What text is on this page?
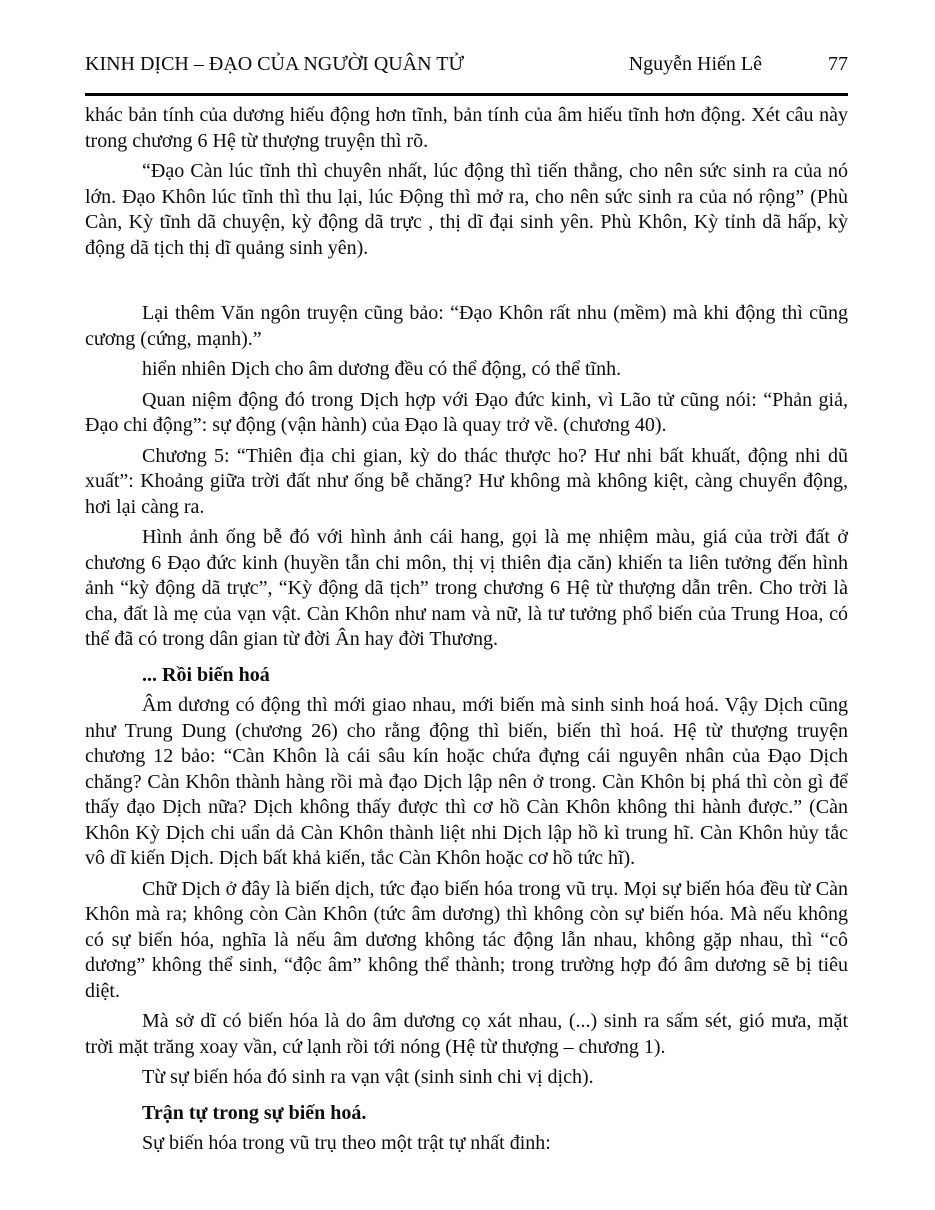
KINH DỊCH – ĐẠO CỦA NGƯỜI QUÂN TỬ	Nguyễn Hiến Lê	77

khác bản tính của dương hiếu động hơn tĩnh, bản tính của âm hiếu tĩnh hơn động. Xét câu này trong chương 6 Hệ từ thượng truyện thì rõ.

“Đạo Càn lúc tĩnh thì chuyên nhất, lúc động thì tiến thẳng, cho nên sức sinh ra của nó lớn. Đạo Khôn lúc tĩnh thì thu lại, lúc Động thì mở ra, cho nên sức sinh ra của nó rộng” (Phù Càn, Kỳ tĩnh dã chuyện, kỳ động dã trực , thị dĩ đại sinh yên. Phù Khôn, Kỳ tỉnh dã hấp, kỳ động dã tịch thị dĩ quảng sinh yên).

Lại thêm Văn ngôn truyện cũng bảo: “Đạo Khôn rất nhu (mềm) mà khi động thì cũng cương (cứng, mạnh).”

hiển nhiên Dịch cho âm dương đều có thể động, có thể tĩnh.

Quan niệm động đó trong Dịch hợp với Đạo đức kinh, vì Lão tử cũng nói: “Phản giả, Đạo chi động”: sự động (vận hành) của Đạo là quay trở về. (chương 40).

Chương 5: “Thiên địa chi gian, kỳ do thác thược ho? Hư nhi bất khuất, động nhi dũ xuất”: Khoảng giữa trời đất như ống bễ chăng? Hư không mà không kiệt, càng chuyển động, hơi lại càng ra.

Hình ảnh ống bễ đó với hình ảnh cái hang, gọi là mẹ nhiệm màu, giá của trời đất ở chương 6 Đạo đức kinh (huyền tẫn chi môn, thị vị thiên địa căn) khiến ta liên tưởng đến hình ảnh “kỳ động dã trực”, “Kỳ động dã tịch” trong chương 6 Hệ từ thượng dẫn trên. Cho trời là cha, đất là mẹ của vạn vật. Càn Khôn như nam và nữ, là tư tưởng phổ biến của Trung Hoa, có thể đã có trong dân gian từ đời Ân hay đời Thương.

... Rồi biến hoá

Âm dương có động thì mới giao nhau, mới biến mà sinh sinh hoá hoá. Vậy Dịch cũng như Trung Dung (chương 26) cho rằng động thì biến, biến thì hoá. Hệ từ thượng truyện chương 12 bảo: “Càn Khôn là cái sâu kín hoặc chứa đựng cái nguyên nhân của Đạo Dịch chăng? Càn Khôn thành hàng rồi mà đạo Dịch lập nên ở trong. Càn Khôn bị phá thì còn gì để thấy đạo Dịch nữa? Dịch không thấy được thì cơ hồ Càn Khôn không thi hành được.” (Càn Khôn Kỳ Dịch chi uẩn dả Càn Khôn thành liệt nhi Dịch lập hồ kì trung hĩ. Càn Khôn hủy tắc vô dĩ kiến Dịch. Dịch bất khả kiến, tắc Càn Khôn hoặc cơ hồ tức hĩ).

Chữ Dịch ở đây là biến dịch, tức đạo biến hóa trong vũ trụ. Mọi sự biến hóa đều từ Càn Khôn mà ra; không còn Càn Khôn (tức âm dương) thì không còn sự biến hóa. Mà nếu không có sự biến hóa, nghĩa là nếu âm dương không tác động lẫn nhau, không gặp nhau, thì “cô dương” không thể sinh, “độc âm” không thể thành; trong trường hợp đó âm dương sẽ bị tiêu diệt.

Mà sở dĩ có biến hóa là do âm dương cọ xát nhau, (...) sinh ra sấm sét, gió mưa, mặt trời mặt trăng xoay vần, cứ lạnh rồi tới nóng (Hệ từ thượng – chương 1).

Từ sự biến hóa đó sinh ra vạn vật (sinh sinh chi vị dịch).

Trận tự trong sự biến hoá.

Sự biến hóa trong vũ trụ theo một trật tự nhất đinh:
